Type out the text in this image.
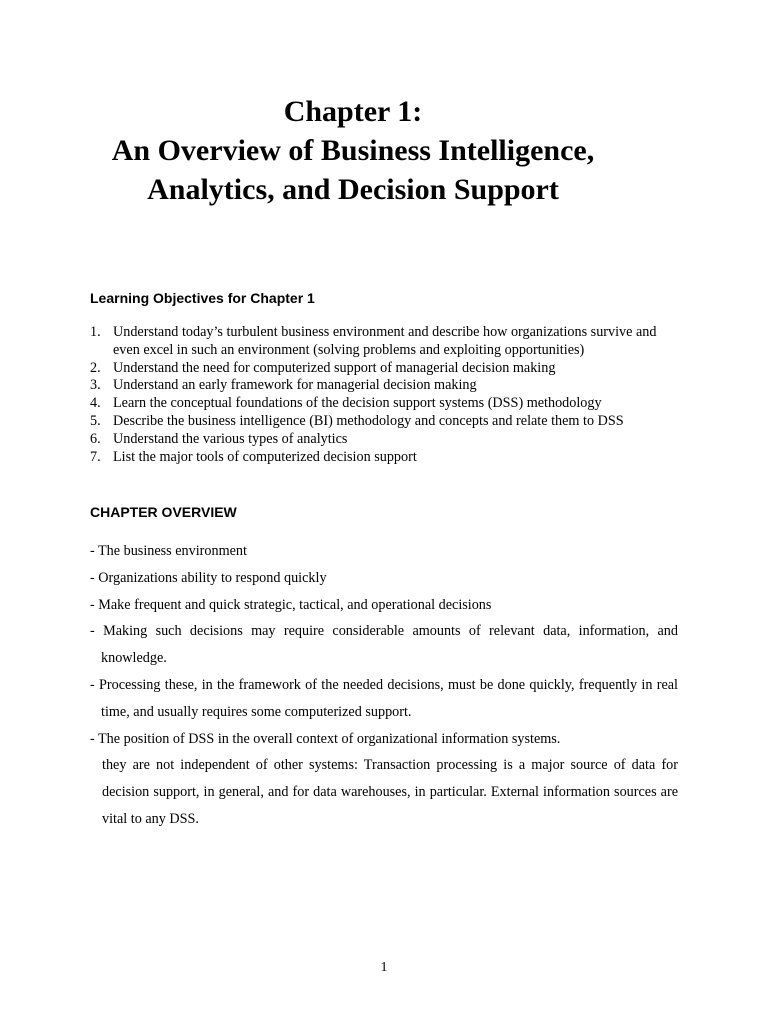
Chapter 1:
An Overview of Business Intelligence,
Analytics, and Decision Support
Learning Objectives for Chapter 1
1. Understand today’s turbulent business environment and describe how organizations survive and even excel in such an environment (solving problems and exploiting opportunities)
2. Understand the need for computerized support of managerial decision making
3. Understand an early framework for managerial decision making
4. Learn the conceptual foundations of the decision support systems (DSS) methodology
5. Describe the business intelligence (BI) methodology and concepts and relate them to DSS
6. Understand the various types of analytics
7. List the major tools of computerized decision support
CHAPTER OVERVIEW

- The business environment

- Organizations ability to respond quickly

- Make frequent and quick strategic, tactical, and operational decisions

- Making such decisions may require considerable amounts of relevant data, information, and knowledge.

- Processing these, in the framework of the needed decisions, must be done quickly, frequently in real time, and usually requires some computerized support.

- The position of DSS in the overall context of organizational information systems.

they are not independent of other systems: Transaction processing is a major source of data for decision support, in general, and for data warehouses, in particular. External information sources are vital to any DSS.

1
